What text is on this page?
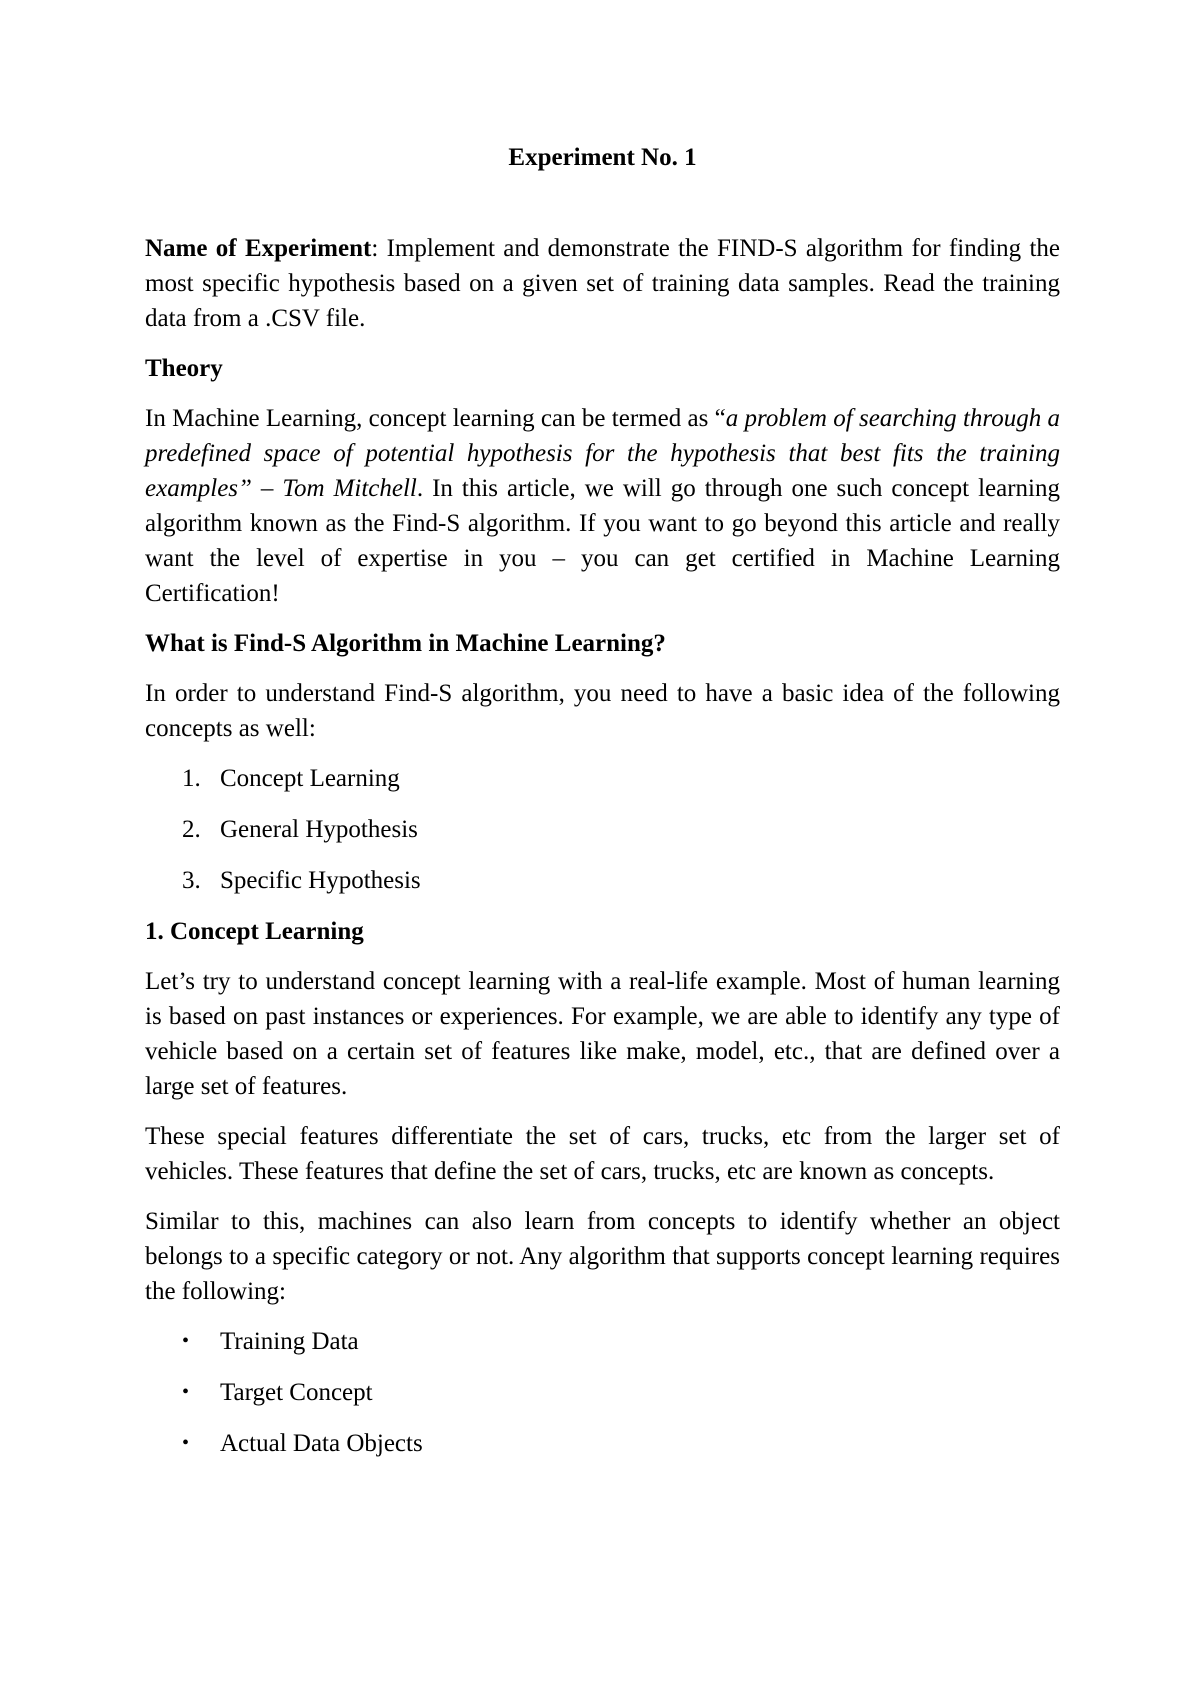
Experiment No. 1

Name of Experiment: Implement and demonstrate the FIND-S algorithm for finding the most specific hypothesis based on a given set of training data samples. Read the training data from a .CSV file.

Theory

In Machine Learning, concept learning can be termed as “a problem of searching through a predefined space of potential hypothesis for the hypothesis that best fits the training examples” – Tom Mitchell. In this article, we will go through one such concept learning algorithm known as the Find-S algorithm. If you want to go beyond this article and really want the level of expertise in you – you can get certified in Machine Learning Certification!

What is Find-S Algorithm in Machine Learning?

In order to understand Find-S algorithm, you need to have a basic idea of the following concepts as well:

1. Concept Learning
2. General Hypothesis
3. Specific Hypothesis
1. Concept Learning

Let’s try to understand concept learning with a real-life example. Most of human learning is based on past instances or experiences. For example, we are able to identify any type of vehicle based on a certain set of features like make, model, etc., that are defined over a large set of features.

These special features differentiate the set of cars, trucks, etc from the larger set of vehicles. These features that define the set of cars, trucks, etc are known as concepts.

Similar to this, machines can also learn from concepts to identify whether an object belongs to a specific category or not. Any algorithm that supports concept learning requires the following:

• Training Data
• Target Concept
• Actual Data Objects
